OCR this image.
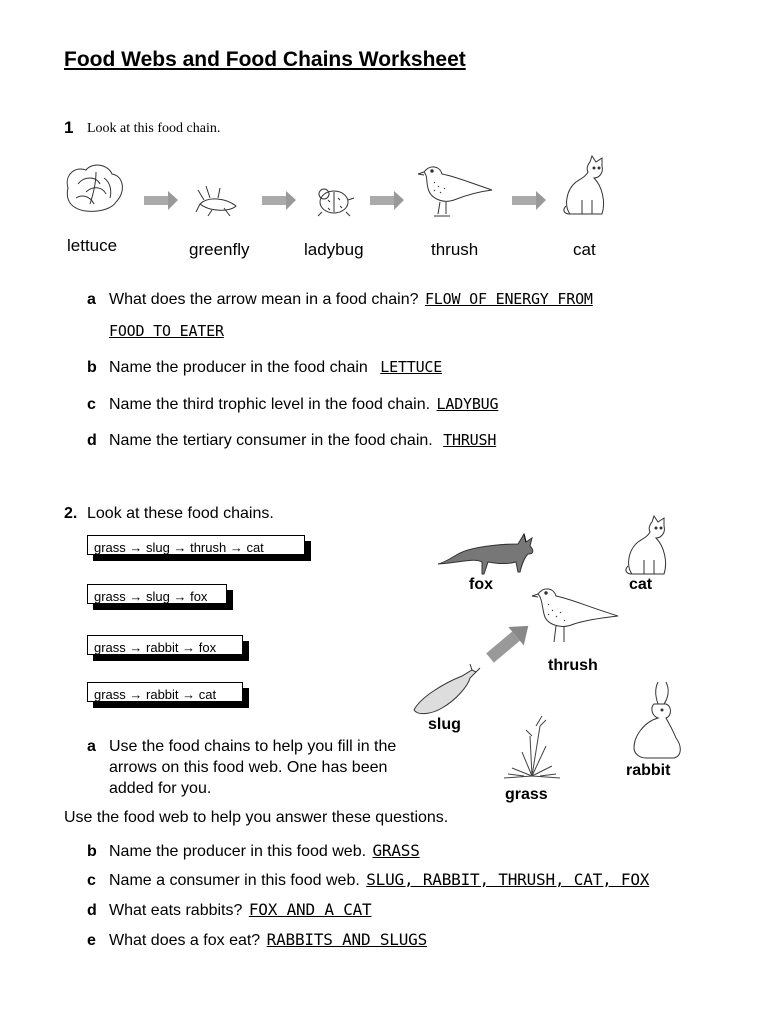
Food Webs and Food Chains Worksheet
1 Look at this food chain.
lettuce	greenfly	ladybug	thrush	cat
a What does the arrow mean in a food chain? FLOW OF ENERGY FROM
FOOD TO EATER
b Name the producer in the food chain LETTUCE
c Name the third trophic level in the food chain. LADYBUG
d Name the tertiary consumer in the food chain. THRUSH
2. Look at these food chains.
grass → slug → thrush → cat
grass → slug → fox
grass → rabbit → fox
grass → rabbit → cat
fox	cat
thrush
slug
rabbit
grass
a Use the food chains to help you fill in the
arrows on this food web. One has been
added for you.
Use the food web to help you answer these questions.
b Name the producer in this food web. GRASS
c Name a consumer in this food web. SLUG, RABBIT, THRUSH, CAT, FOX
d What eats rabbits? FOX AND A CAT
e What does a fox eat? RABBITS AND SLUGS
